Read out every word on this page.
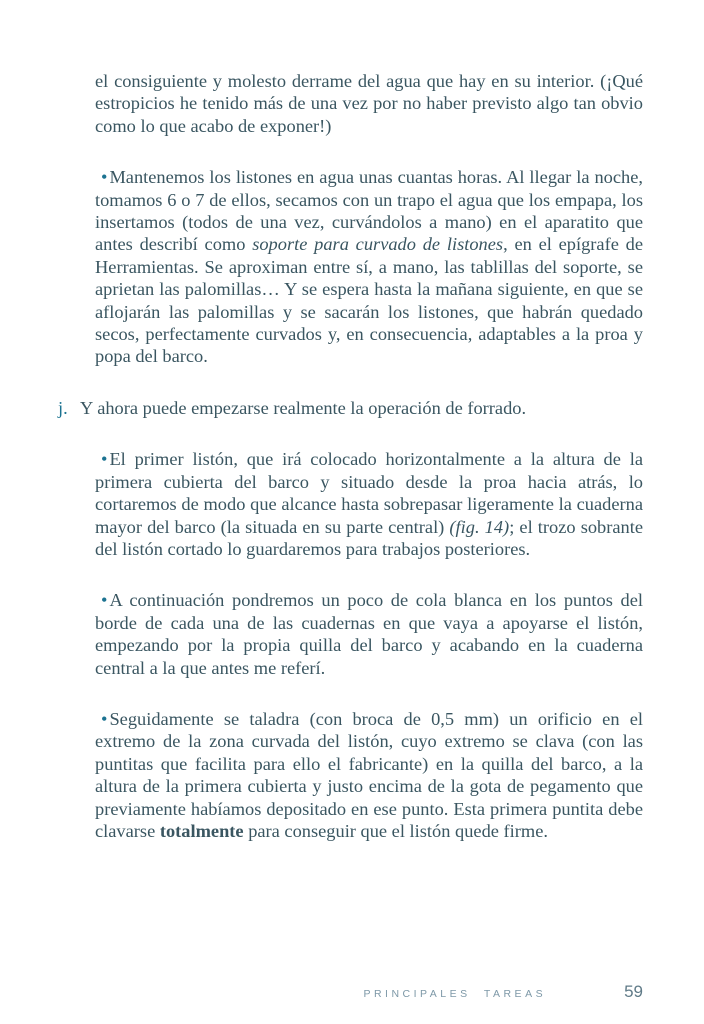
el consiguiente y molesto derrame del agua que hay en su interior. (¡Qué estropicios he tenido más de una vez por no haber previsto algo tan obvio como lo que acabo de exponer!)
• Mantenemos los listones en agua unas cuantas horas. Al llegar la noche, tomamos 6 o 7 de ellos, secamos con un trapo el agua que los empapa, los insertamos (todos de una vez, curvándolos a mano) en el aparatito que antes describí como soporte para curvado de listones, en el epígrafe de Herramientas. Se aproximan entre sí, a mano, las tablillas del soporte, se aprietan las palomillas… Y se espera hasta la mañana siguiente, en que se aflojarán las palomillas y se sacarán los listones, que habrán quedado secos, perfectamente curvados y, en consecuencia, adaptables a la proa y popa del barco.
j. Y ahora puede empezarse realmente la operación de forrado.
• El primer listón, que irá colocado horizontalmente a la altura de la primera cubierta del barco y situado desde la proa hacia atrás, lo cortaremos de modo que alcance hasta sobrepasar ligeramente la cuaderna mayor del barco (la situada en su parte central) (fig. 14); el trozo sobrante del listón cortado lo guardaremos para trabajos posteriores.
• A continuación pondremos un poco de cola blanca en los puntos del borde de cada una de las cuadernas en que vaya a apoyarse el listón, empezando por la propia quilla del barco y acabando en la cuaderna central a la que antes me referí.
• Seguidamente se taladra (con broca de 0,5 mm) un orificio en el extremo de la zona curvada del listón, cuyo extremo se clava (con las puntitas que facilita para ello el fabricante) en la quilla del barco, a la altura de la primera cubierta y justo encima de la gota de pegamento que previamente habíamos depositado en ese punto. Esta primera puntita debe clavarse totalmente para conseguir que el listón quede firme.
PRINCIPALES TAREAS	59
